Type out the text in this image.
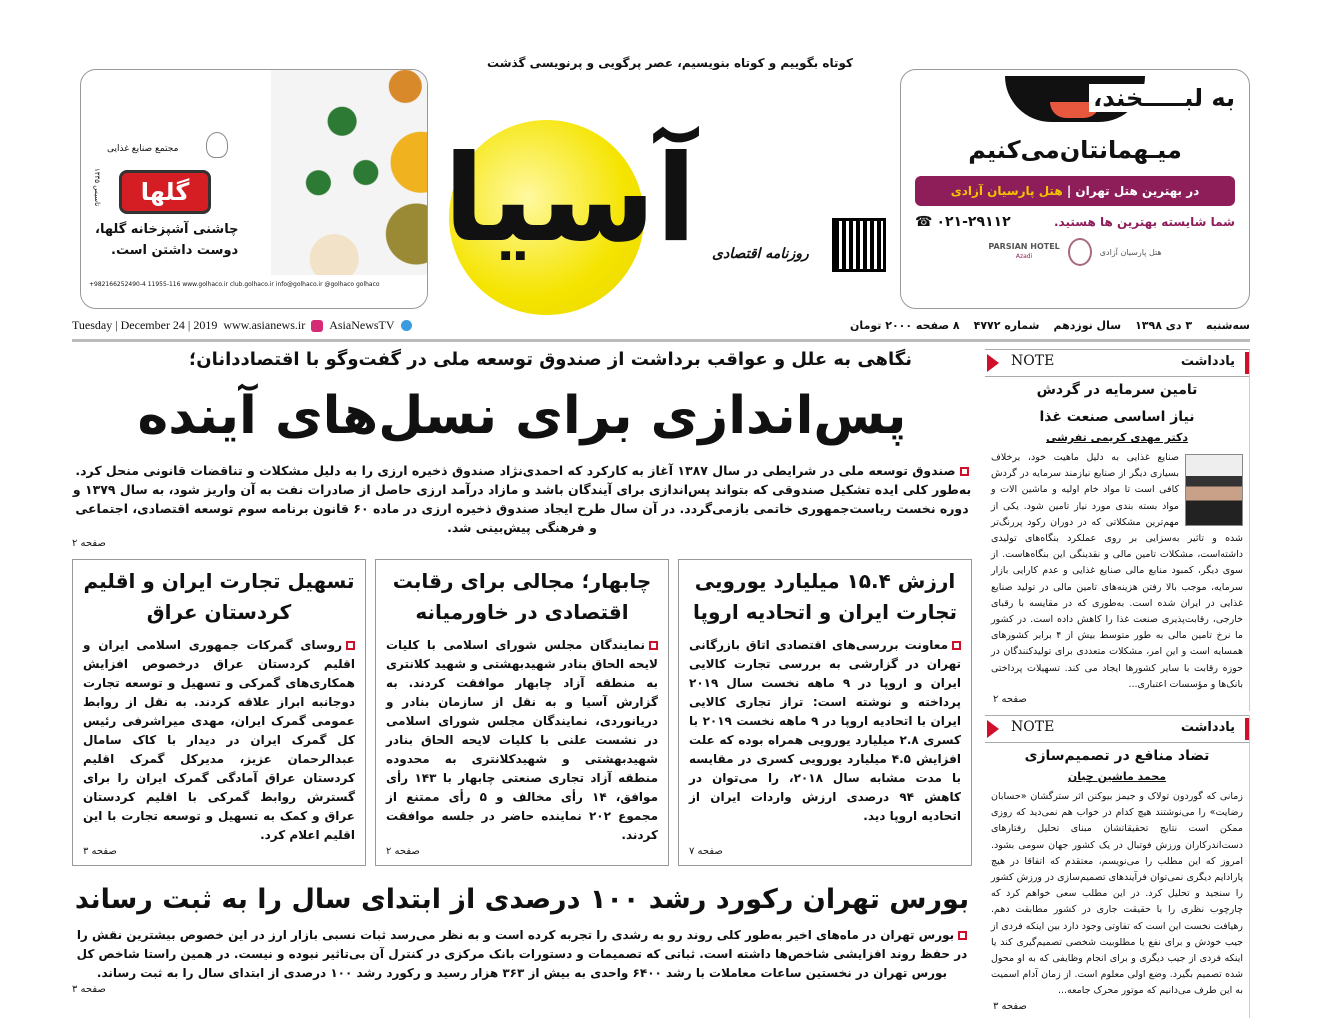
کوتاه بگوییم و کوتاه بنویسیم، عصر پرگویی و پرنویسی گذشت
مجتمع صنایع غذایی
گلها
تاسیس ۱۳۳۵
چاشنی آشپزخانه گلها،
دوست داشتن است.
+982166252490-4 11955-116 www.golhaco.ir club.golhaco.ir info@golhaco.ir @golhaco golhaco
آسیا روزنامه اقتصادی
به لبـــــخند،
میـهمانتان‌می‌کنیم
در بهترین هتل تهران | هتل پارسیان آزادی
شما شایسته بهترین ها هستید.
☎ ۰۲۱-۲۹۱۱۲
PARSIAN HOTEL
Azadi	هتل پارسیان آزادی
سه‌شنبه
۳ دی ۱۳۹۸
سال نوزدهم
شماره ۴۷۷۲
۸ صفحه ۲۰۰۰ تومان
Tuesday | December 24 | 2019 www.asianews.ir AsiaNewsTV
نگاهی به علل و عواقب برداشت از صندوق توسعه ملی در گفت‌وگو با اقتصاددانان؛
پس‌اندازی برای نسل‌های آینده
صندوق توسعه ملی در شرایطی در سال ۱۳۸۷ آغاز به کارکرد که احمدی‌نژاد صندوق ذخیره ارزی را به دلیل مشکلات و تناقضات قانونی منحل کرد. به‌طور کلی ایده تشکیل صندوقی که بتواند پس‌اندازی برای آیندگان باشد و مازاد درآمد ارزی حاصل از صادرات نفت به آن واریز شود، به سال ۱۳۷۹ و دوره نخست ریاست‌جمهوری خاتمی بازمی‌گردد. در آن سال طرح ایجاد صندوق ذخیره ارزی در ماده ۶۰ قانون برنامه سوم توسعه اقتصادی، اجتماعی و فرهنگی پیش‌بینی شد.
صفحه ۲
ارزش ۱۵.۴ میلیارد یورویی تجارت ایران و اتحادیه اروپا

معاونت بررسی‌های اقتصادی اتاق بازرگانی تهران در گزارشی به بررسی تجارت کالایی ایران و اروپا در ۹ ماهه نخست سال ۲۰۱۹ پرداخته و نوشته است: تراز تجاری کالایی ایران با اتحادیه اروپا در ۹ ماهه نخست ۲۰۱۹ با کسری ۲.۸ میلیارد یورویی همراه بوده که علت افزایش ۴.۵ میلیارد یورویی کسری در مقایسه با مدت مشابه سال ۲۰۱۸، را می‌توان در کاهش ۹۴ درصدی ارزش واردات ایران از اتحادیه اروپا دید.

صفحه ۷
چابهار؛ مجالی برای رقابت اقتصادی در خاورمیانه

نمایندگان مجلس شورای اسلامی با کلیات لایحه الحاق بنادر شهیدبهشتی و شهید کلانتری به منطقه آزاد چابهار موافقت کردند. به گزارش آسیا و به نقل از سازمان بنادر و دریانوردی، نمایندگان مجلس شورای اسلامی در نشست علنی با کلیات لایحه الحاق بنادر شهیدبهشتی و شهیدکلانتری به محدوده منطقه آزاد تجاری صنعتی چابهار با ۱۴۳ رأی موافق، ۱۴ رأی مخالف و ۵ رأی ممتنع از مجموع ۲۰۲ نماینده حاضر در جلسه موافقت کردند.

صفحه ۲
تسهیل تجارت ایران و اقلیم کردستان عراق

روسای گمرکات جمهوری اسلامی ایران و اقلیم کردستان عراق درخصوص افزایش همکاری‌های گمرکی و تسهیل و توسعه تجارت دوجانبه ابراز علاقه کردند. به نقل از روابط عمومی گمرک ایران، مهدی میراشرفی رئیس کل گمرک ایران در دیدار با کاک سامال عبدالرحمان عزیز، مدیرکل گمرک اقلیم کردستان عراق آمادگی گمرک ایران را برای گسترش روابط گمرکی با اقلیم کردستان عراق و کمک به تسهیل و توسعه تجارت با این اقلیم اعلام کرد.

صفحه ۳
بورس تهران رکورد رشد ۱۰۰ درصدی از ابتدای سال را به ثبت رساند
بورس تهران در ماه‌های اخیر به‌طور کلی روند رو به رشدی را تجربه کرده است و به نظر می‌رسد ثبات نسبی بازار ارز در این خصوص بیشترین نقش را در حفظ روند افزایشی شاخص‌ها داشته است. ثباتی که تصمیمات و دستورات بانک مرکزی در کنترل آن بی‌تاثیر نبوده و نیست. در همین راستا شاخص کل بورس تهران در نخستین ساعات معاملات با رشد ۶۴۰۰ واحدی به بیش از ۳۶۳ هزار رسید و رکورد رشد ۱۰۰ درصدی از ابتدای سال را به ثبت رساند.
صفحه ۳
NOTE	یادداشت
تامین سرمایه در گردش
نیاز اساسی صنعت غذا
دکتر مهدی کریمی تفرشی
صنایع غذایی به دلیل ماهیت خود، برخلاف بسیاری دیگر از صنایع نیازمند سرمایه در گردش کافی است تا مواد خام اولیه و ماشین الات و مواد بسته بندی مورد نیاز تامین شود. یکی از مهم‌ترین مشکلاتی که در دوران رکود پررنگ‌تر شده و تاثیر به‌سزایی بر روی عملکرد بنگاه‌های تولیدی داشته‌است، مشکلات تامین مالی و نقدینگی این بنگاه‌هاست. از سوی دیگر، کمبود منابع مالی صنایع غذایی و عدم کارایی بازار سرمایه، موجب بالا رفتن هزینه‌های تامین مالی در تولید صنایع غذایی در ایران شده است. به‌طوری که در مقایسه با رقبای خارجی، رقابت‌پذیری صنعت غذا را کاهش داده است. در کشور ما نرخ تامین مالی به طور متوسط بیش از ۴ برابر کشورهای همسایه است و این امر، مشکلات متعددی برای تولیدکنندگان در حوزه رقابت با سایر کشورها ایجاد می کند. تسهیلات پرداختی بانک‌ها و مؤسسات اعتباری...
صفحه ۲
NOTE	یادداشت
تضاد منافع در تصمیم‌سازی
محمد ماشین چیان
زمانی که گوردون تولاک و جیمز بیوکنن اثر سترگشان «حسابان رضایت» را می‌نوشتند هیچ کدام در خواب هم نمی‌دید که روزی ممکن است نتایج تحقیقاتشان مبنای تحلیل رفتارهای دست‌اندرکاران ورزش فوتبال در یک کشور جهان سومی بشود. امروز که این مطلب را می‌نویسم، معتقدم که اتفاقا در هیچ پارادایم دیگری نمی‌توان فرآیندهای تصمیم‌سازی در ورزش کشور را سنجید و تحلیل کرد. در این مطلب سعی خواهم کرد که چارچوب نظری را با حقیقت جاری در کشور مطابقت دهم. رهیافت نخست این است که تفاوتی وجود دارد بین اینکه فردی از جیب خودش و برای نفع یا مطلوبیت شخصی تصمیم‌گیری کند یا اینکه فردی از جیب دیگری و برای انجام وظایفی که به او محول شده تصمیم بگیرد. وضع اولی معلوم است. از زمان آدام اسمیت به این طرف می‌دانیم که موتور محرک جامعه...
صفحه ۳
